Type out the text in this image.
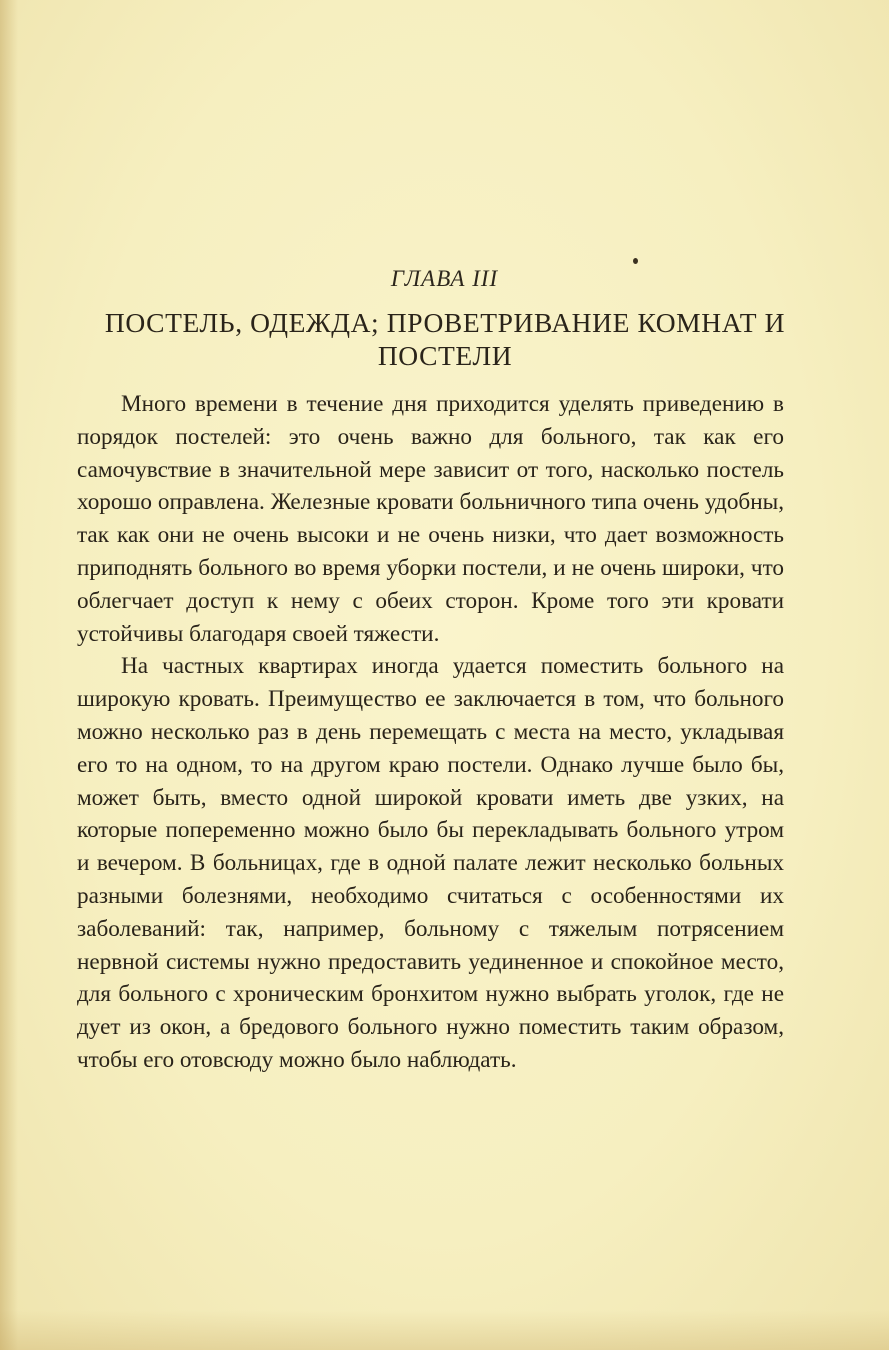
ГЛАВА III
ПОСТЕЛЬ, ОДЕЖДА; ПРОВЕТРИВАНИЕ КОМНАТ И ПОСТЕЛИ

Много времени в течение дня приходится уделять приведению в порядок постелей: это очень важно для больного, так как его самочувствие в значительной мере зависит от того, насколько постель хорошо оправлена. Железные кровати больничного типа очень удобны, так как они не очень высоки и не очень низки, что дает возможность приподнять больного во время уборки постели, и не очень широки, что облегчает доступ к нему с обеих сторон. Кроме того эти кровати устойчивы благодаря своей тяжести.

На частных квартирах иногда удается поместить больного на широкую кровать. Преимущество ее заключается в том, что больного можно несколько раз в день перемещать с места на место, укладывая его то на одном, то на другом краю постели. Однако лучше было бы, может быть, вместо одной широкой кровати иметь две узких, на которые попеременно можно было бы перекладывать больного утром и вечером. В больницах, где в одной палате лежит несколько больных разными болезнями, необходимо считаться с особенностями их заболеваний: так, например, больному с тяжелым потрясением нервной системы нужно предоставить уединенное и спокойное место, для больного с хроническим бронхитом нужно выбрать уголок, где не дует из окон, а бредового больного нужно поместить таким образом, чтобы его отовсюду можно было наблюдать.
